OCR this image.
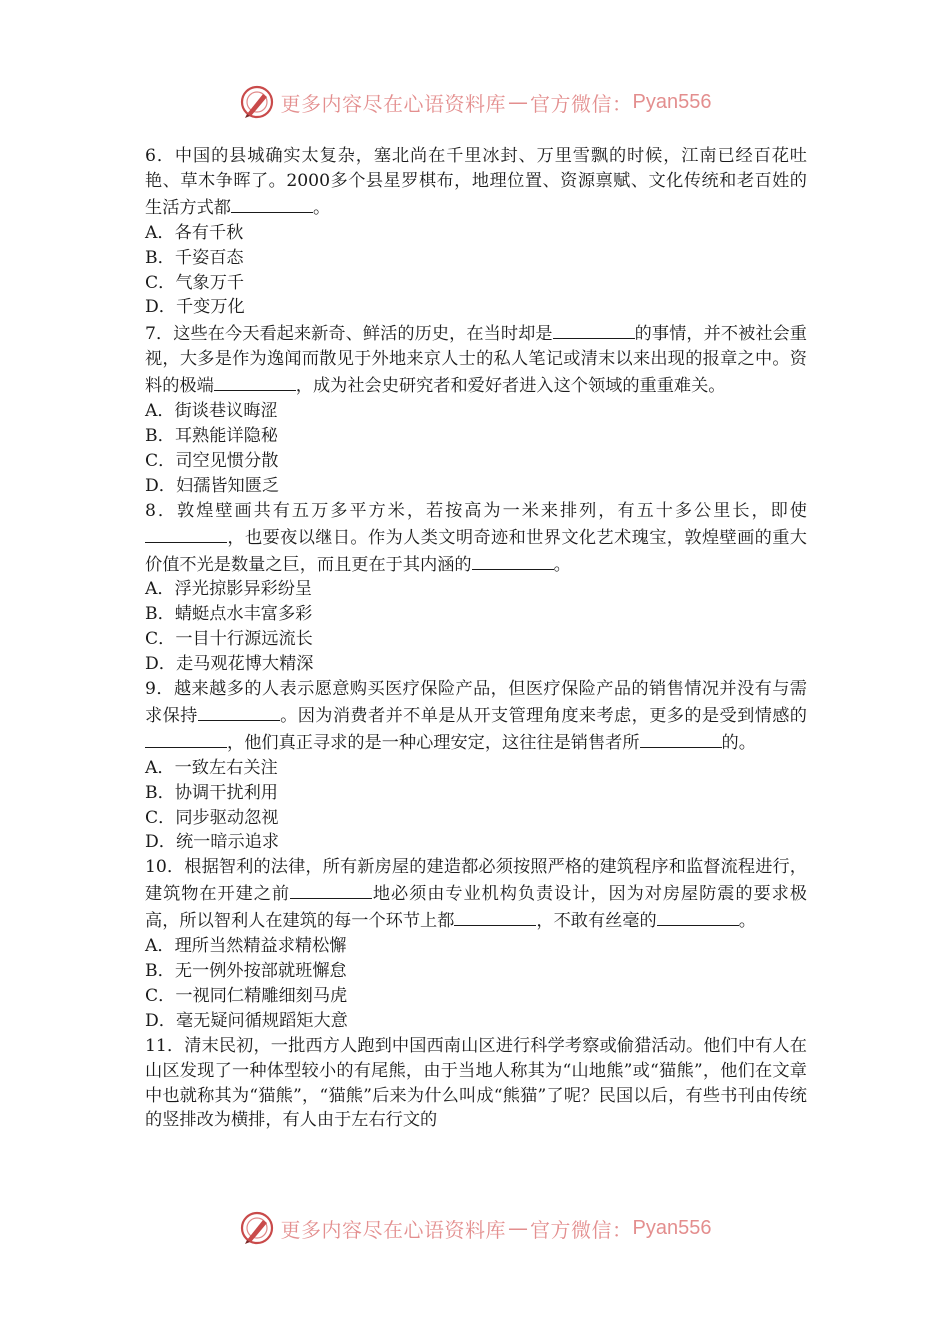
更多内容尽在心语资料库 — 官方微信： Pyan556

6．中国的县城确实太复杂，塞北尚在千里冰封、万里雪飘的时候，江南已经百花吐艳、草木争晖了。2000多个县星罗棋布，地理位置、资源禀赋、文化传统和老百姓的生活方式都	。

A．各有千秋

B．千姿百态

C．气象万千

D．千变万化

7．这些在今天看起来新奇、鲜活的历史，在当时却是	的事情，并不被社会重视，大多是作为逸闻而散见于外地来京人士的私人笔记或清末以来出现的报章之中。资料的极端	，成为社会史研究者和爱好者进入这个领域的重重难关。

A．街谈巷议晦涩

B．耳熟能详隐秘

C．司空见惯分散

D．妇孺皆知匮乏

8．敦煌壁画共有五万多平方米，若按高为一米来排列，有五十多公里长，即使，也要夜以继日。作为人类文明奇迹和世界文化艺术瑰宝，敦煌壁画的重大价值不光是数量之巨，而且更在于其内涵的	。

A．浮光掠影异彩纷呈

B．蜻蜓点水丰富多彩

C．一目十行源远流长

D．走马观花博大精深

9．越来越多的人表示愿意购买医疗保险产品，但医疗保险产品的销售情况并没有与需求保持	。因为消费者并不单是从开支管理角度来考虑，更多的是受到情感的，他们真正寻求的是一种心理安定，这往往是销售者所	的。

A．一致左右关注

B．协调干扰利用

C．同步驱动忽视

D．统一暗示追求

10．根据智利的法律，所有新房屋的建造都必须按照严格的建筑程序和监督流程进行，建筑物在开建之前	地必须由专业机构负责设计，因为对房屋防震的要求极高，所以智利人在建筑的每一个环节上都	，不敢有丝毫的	。

A．理所当然精益求精松懈

B．无一例外按部就班懈怠

C．一视同仁精雕细刻马虎

D．毫无疑问循规蹈矩大意

11．清末民初，一批西方人跑到中国西南山区进行科学考察或偷猎活动。他们中有人在山区发现了一种体型较小的有尾熊，由于当地人称其为“山地熊”或“猫熊”，他们在文章中也就称其为“猫熊”，“猫熊”后来为什么叫成“熊猫”了呢？民国以后，有些书刊由传统的竖排改为横排，有人由于左右行文的

更多内容尽在心语资料库 — 官方微信： Pyan556
